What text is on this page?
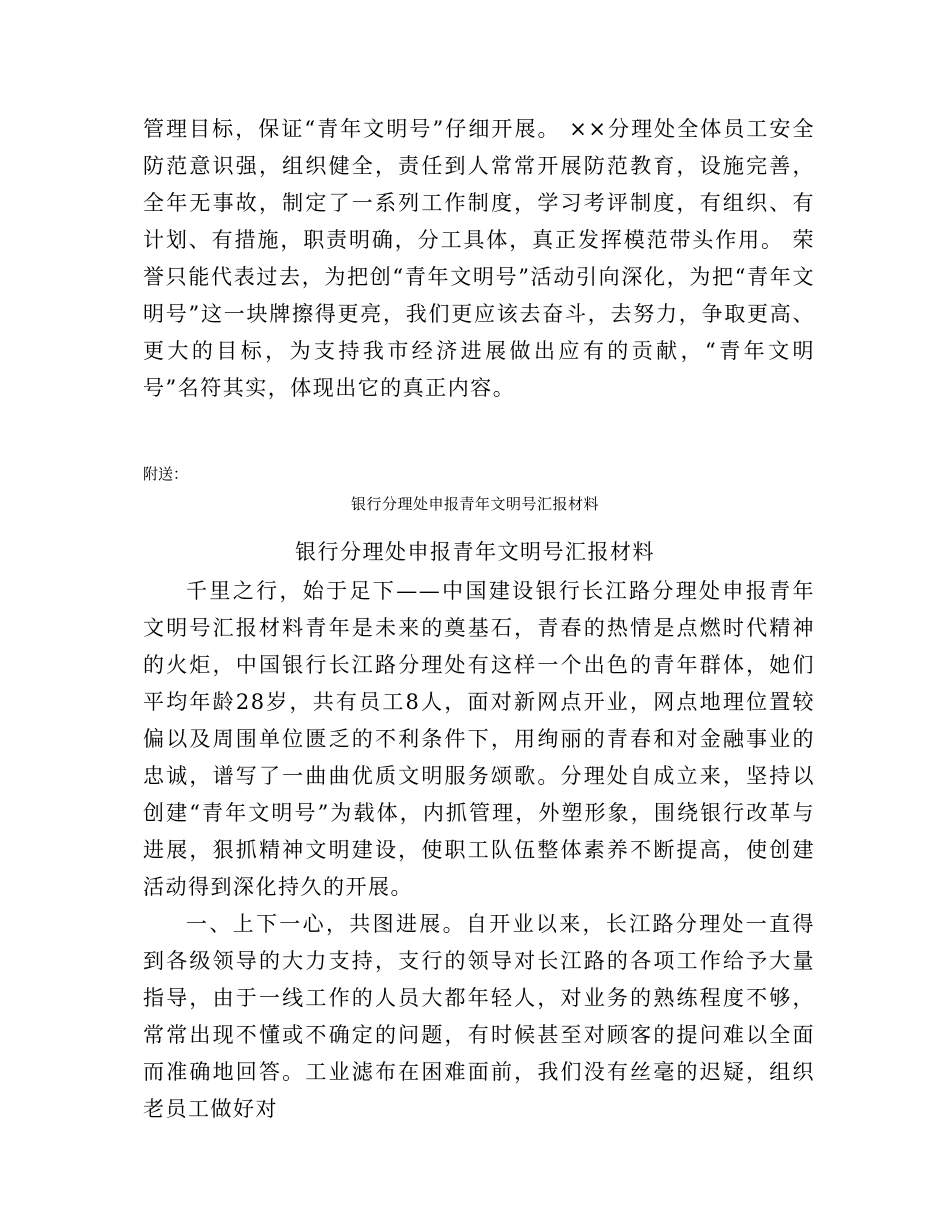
管理目标，保证“青年文明号”仔细开展。 ××分理处全体员工安全防范意识强，组织健全，责任到人常常开展防范教育，设施完善，全年无事故，制定了一系列工作制度，学习考评制度，有组织、有计划、有措施，职责明确，分工具体，真正发挥模范带头作用。 荣誉只能代表过去，为把创“青年文明号”活动引向深化，为把“青年文明号”这一块牌擦得更亮，我们更应该去奋斗，去努力，争取更高、更大的目标，为支持我市经济进展做出应有的贡献，“青年文明号”名符其实，体现出它的真正内容。

附送：

银行分理处申报青年文明号汇报材料

银行分理处申报青年文明号汇报材料

千里之行，始于足下——中国建设银行长江路分理处申报青年文明号汇报材料青年是未来的奠基石，青春的热情是点燃时代精神的火炬，中国银行长江路分理处有这样一个出色的青年群体，她们平均年龄28岁，共有员工8人，面对新网点开业，网点地理位置较偏以及周围单位匮乏的不利条件下，用绚丽的青春和对金融事业的忠诚，谱写了一曲曲优质文明服务颂歌。分理处自成立来，坚持以创建“青年文明号”为载体，内抓管理，外塑形象，围绕银行改革与进展，狠抓精神文明建设，使职工队伍整体素养不断提高，使创建活动得到深化持久的开展。

一、上下一心，共图进展。自开业以来，长江路分理处一直得到各级领导的大力支持，支行的领导对长江路的各项工作给予大量指导，由于一线工作的人员大都年轻人，对业务的熟练程度不够，常常出现不懂或不确定的问题，有时候甚至对顾客的提问难以全面而准确地回答。工业滤布在困难面前，我们没有丝毫的迟疑，组织老员工做好对
